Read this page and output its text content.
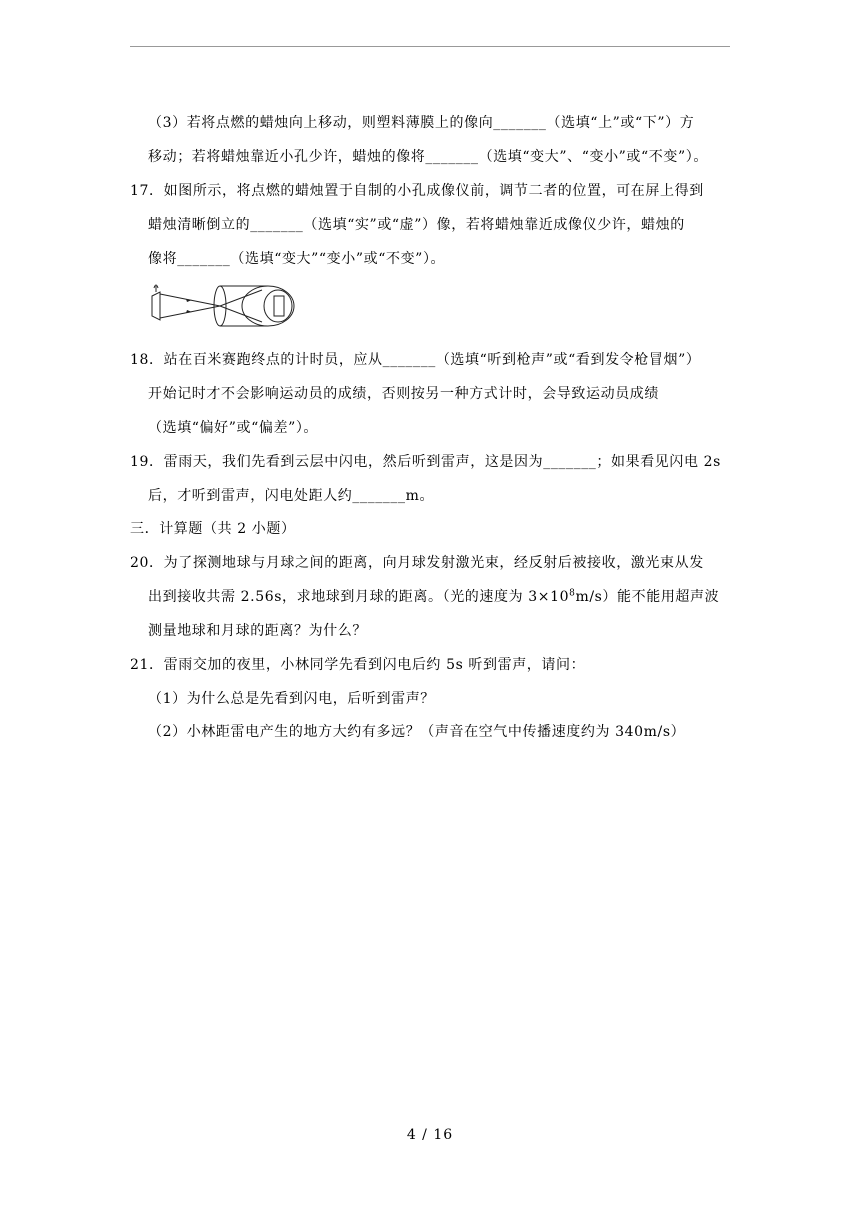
（3）若将点燃的蜡烛向上移动，则塑料薄膜上的像向_______（选填“上”或“下”）方
移动；若将蜡烛靠近小孔少许，蜡烛的像将_______（选填“变大”、“变小”或“不变”）。
17．如图所示，将点燃的蜡烛置于自制的小孔成像仪前，调节二者的位置，可在屏上得到
蜡烛清晰倒立的_______（选填“实”或“虚”）像，若将蜡烛靠近成像仪少许，蜡烛的
像将_______（选填“变大”“变小”或“不变”）。
18．站在百米赛跑终点的计时员，应从_______（选填“听到枪声”或“看到发令枪冒烟”）
开始记时才不会影响运动员的成绩，否则按另一种方式计时，会导致运动员成绩
（选填“偏好”或“偏差”）。
19．雷雨天，我们先看到云层中闪电，然后听到雷声，这是因为_______；如果看见闪电 2s
后，才听到雷声，闪电处距人约_______m。
三．计算题（共 2 小题）
20．为了探测地球与月球之间的距离，向月球发射激光束，经反射后被接收，激光束从发
出到接收共需 2.56s，求地球到月球的距离。（光的速度为 $3\times 10^8m/s$）能不能用超声波
测量地球和月球的距离？为什么？
21．雷雨交加的夜里，小林同学先看到闪电后约 5s 听到雷声，请问：
（1）为什么总是先看到闪电，后听到雷声？
（2）小林距雷电产生的地方大约有多远？（声音在空气中传播速度约为 340m/s）
4 / 16
